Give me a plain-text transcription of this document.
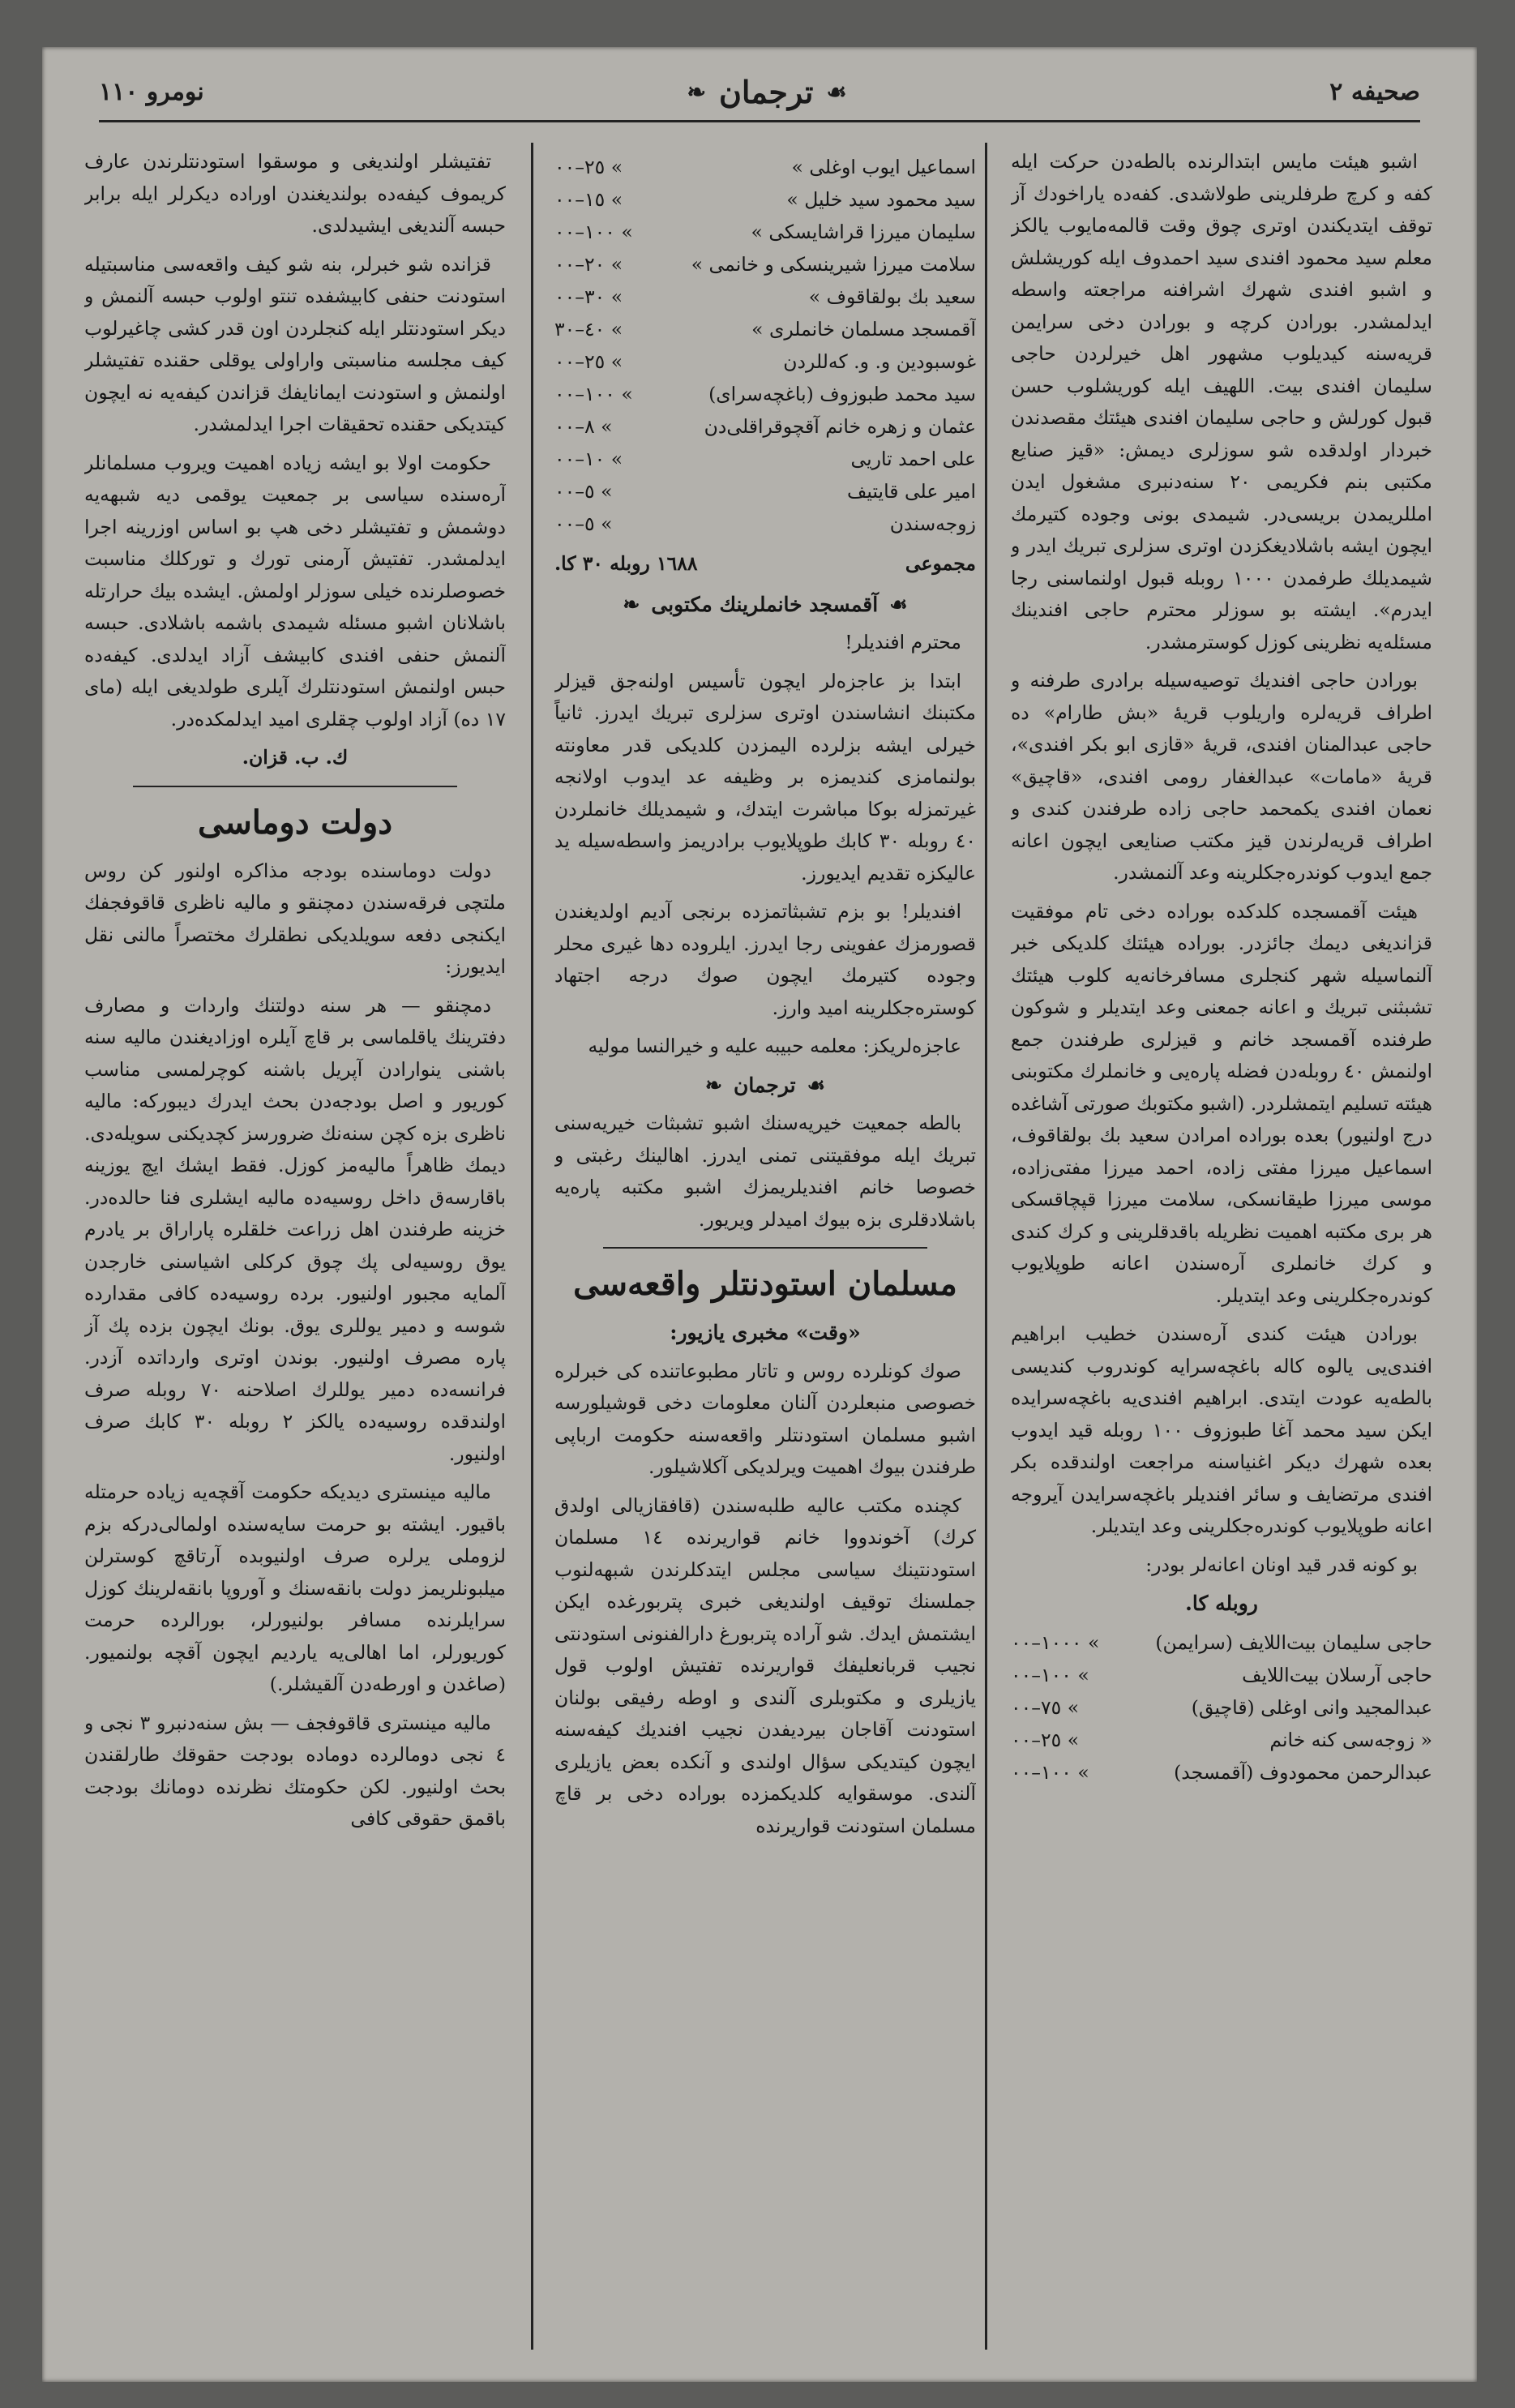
صحيفه ٢
☙
ترجمان
❧
نومرو ١١٠

اشبو هيئت مايس ابتدالرنده بالطه‌دن حركت ايله كفه و كرچ طرفلرينى طولاشدى. كفه‌ده ياراخودك آز توقف ايتديكندن اوترى چوق وقت قالمه‌مايوب يالكز معلم سيد محمود افندى سيد احمدوف ايله كوريشلش و اشبو افندى شهرك اشرافنه مراجعته واسطه ايدلمشدر. بورادن كرچه و بورادن دخى سرايمن قريه‌سنه كيديلوب مشهور اهل خيرلردن حاجى سليمان افندى بيت. اللهيف ايله كوريشلوب حسن قبول كورلش و حاجى سليمان افندى هيئتك مقصدندن خبردار اولدقده شو سوزلرى ديمش: «قيز صنايع مكتبى بنم فكريمى ٢٠ سنه‌دنبرى مشغول ايدن امللريمدن بريسى‌در. شيمدى بونى وجوده كتيرمك ايچون ايشه باشلاديغكزدن اوترى سزلرى تبريك ايدر و شيمديلك طرفمدن ١٠٠٠ روبله قبول اولنماسنى رجا ايدرم». ايشته بو سوزلر محترم حاجى افندينك مسئله‌يه نظرينى كوزل كوسترمشدر.

بورادن حاجى افنديك توصيه‌سيله برادرى طرفنه و اطراف قريه‌لره واريلوب قريهٔ «بش طارام» ده حاجى عبدالمنان افندى، قريهٔ «قازى ابو بكر افندى»، قريهٔ «مامات» عبدالغفار رومى افندى، «قاچيق» نعمان افندى يكمحمد حاجى زاده طرفندن كندى و اطراف قريه‌لرندن قيز مكتب صنايعى ايچون اعانه جمع ايدوب كوندره‌جكلرينه وعد آلنمشدر.

هيئت آقمسجده كلدكده بوراده دخى تام موفقيت قزانديغى ديمك جائزدر. بوراده هيئتك كلديكى خبر آلنماسيله شهر كنجلرى مسافرخانه‌يه كلوب هيئتك تشبثنى تبريك و اعانه جمعنى وعد ايتديلر و شوكون طرفنده آقمسجد خانم و قيزلرى طرفندن جمع اولنمش ٤٠ روبله‌دن فضله پاره‌يى و خانملرك مكتوبنى هيئته تسليم ايتمشلردر. (اشبو مكتوبك صورتى آشاغده درج اولنيور) بعده بوراده امرادن سعيد بك بولقاقوف، اسماعيل ميرزا مفتى زاده، احمد ميرزا مفتى‌زاده، موسى ميرزا طيقانسكى، سلامت ميرزا قپچاقسكى هر برى مكتبه اهميت نظريله باقدقلرينى و كرك كندى و كرك خانملرى آره‌سندن اعانه طوپلايوب كوندره‌جكلرينى وعد ايتديلر.

بورادن هيئت كندى آره‌سندن خطيب ابراهيم افندى‌يى يالوه كاله باغچه‌سرايه كوندروب كنديسى بالطه‌يه عودت ايتدى. ابراهيم افندى‌يه باغچه‌سرايده ايكن سيد محمد آغا طبوزوف ١٠٠ روبله قيد ايدوب بعده شهرك ديكر اغنياسنه مراجعت اولندقده بكر افندى مرتضايف و سائر افنديلر باغچه‌سرايدن آيروجه اعانه طوپلايوب كوندره‌جكلرينى وعد ايتديلر.

بو كونه قدر قيد اونان اعانه‌لر بودر:

روبله كا.
حاجى سليمان بيت‌اللايف (سرايمن)
١٠٠٠–٠٠ «
حاجى آرسلان بيت‌اللايف
١٠٠–٠٠ «
عبدالمجيد وانى اوغلى (قاچيق)
٧٥–٠٠ «
« زوجه‌سى كنه خانم
٢٥–٠٠ «
عبدالرحمن محمودوف (آقمسجد)
١٠٠–٠٠ «
اسماعيل ايوب اوغلى »
٢٥–٠٠ «
سيد محمود سيد خليل »
١٥–٠٠ «
سليمان ميرزا قراشايسكى »
١٠٠–٠٠ «
سلامت ميرزا شيرينسكى و خانمى »
٢٠–٠٠ «
سعيد بك بولقاقوف »
٣٠–٠٠ «
آقمسجد مسلمان خانملرى »
٤٠–٣٠ «
غوسبودين و. و. كه‌للردن
٢٥–٠٠ «
سيد محمد طبوزوف (باغچه‌سراى)
١٠٠–٠٠ «
عثمان و زهره خانم آقچوقراقلى‌دن
٨–٠٠ «
على احمد تاريى
١٠–٠٠ «
امير على قايتيف
٥–٠٠ «
زوجه‌سندن
٥–٠٠ «
مجموعى
١٦٨٨ روبله ٣٠ كا.
☙
آقمسجد خانملرينك مكتوبى
❧

محترم افنديلر!

ابتدا بز عاجزه‌لر ايچون تأسيس اولنه‌جق قيزلر مكتبنك انشاسندن اوترى سزلرى تبريك ايدرز. ثانياً خيرلى ايشه بزلرده اليمزدن كلديكى قدر معاونته بولنمامزى كنديمزه بر وظيفه عد ايدوب اولانجه غيرتمزله بوكا مباشرت ايتدك، و شيمديلك خانملردن ٤٠ روبله ٣٠ كابك طوپلايوب برادريمز واسطه‌سيله يد عاليكزه تقديم ايديورز.

افنديلر! بو بزم تشبثاتمزده برنجى آديم اولديغندن قصورمزك عفوينى رجا ايدرز. ايلروده دها غيرى محلر وجوده كتيرمك ايچون صوك درجه اجتهاد كوستره‌جكلرينه اميد وارز.

عاجزه‌لريكز: معلمه حبيبه عليه و خيرالنسا موليه

☙
ترجمان
❧

بالطه جمعيت خيريه‌سنك اشبو تشبثات خيريه‌سنى تبريك ايله موفقيتنى تمنى ايدرز. اهالينك رغبتى و خصوصا خانم افنديلريمزك اشبو مكتبه پاره‌يه باشلادقلرى بزه بيوك اميدلر ويريور.

مسلمان استودنتلر واقعه‌سى
«وقت» مخبرى يازيور:

صوك كونلرده روس و تاتار مطبوعاتنده كى خبرلره خصوصى منبعلردن آلنان معلومات دخى قوشيلورسه اشبو مسلمان استودنتلر واقعه‌سنه حكومت ارباپى طرفندن بيوك اهميت ويرلديكى آكلاشيلور.

كچنده مكتب عاليه طلبه‌سندن (قافقازيالى اولدق كرك) آخوندووا خانم قواريرنده ١٤ مسلمان استودنتينك سياسى مجلس ايتدكلرندن شبهه‌لنوب جملسنك توقيف اولنديغى خبرى پتربورغده ايكن ايشتمش ايدك. شو آراده پتربورغ دارالفنونى استودنتى نجيب قربانعليفك قواريرنده تفتيش اولوب قول يازيلرى و مكتوبلرى آلندى و اوطه رفيقى بولنان استودنت آقاجان بيرديفدن نجيب افنديك كيفه‌سنه ايچون كيتديكى سؤال اولندى و آنكده بعض يازيلرى آلندى. موسقوايه كلديكمزده بوراده دخى بر قاچ مسلمان استودنت قواريرنده

تفتيشلر اولنديغى و موسقوا استودنتلرندن عارف كريموف كيفه‌ده بولنديغندن اوراده ديكرلر ايله برابر حبسه آلنديغى ايشيدلدى.

قزانده شو خبرلر، بنه شو كيف واقعه‌سى مناسبتيله استودنت حنفى كابيشفده تنتو اولوب حبسه آلنمش و ديكر استودنتلر ايله كنجلردن اون قدر كشى چاغيرلوب كيف مجلسه مناسبتى واراولى يوقلى حقنده تفتيشلر اولنمش و استودنت ايمانايفك قزاندن كيفه‌يه نه ايچون كيتديكى حقنده تحقيقات اجرا ايدلمشدر.

حكومت اولا بو ايشه زياده اهميت ويروب مسلمانلر آره‌سنده سياسى بر جمعيت يوقمى ديه شبهه‌يه دوشمش و تفتيشلر دخى هپ بو اساس اوزرينه اجرا ايدلمشدر. تفتيش آرمنى تورك و توركلك مناسبت خصوصلرنده خيلى سوزلر اولمش. ايشده بيك حرارتله باشلانان اشبو مسئله شيمدى باشمه باشلادى. حبسه آلنمش حنفى افندى كابيشف آزاد ايدلدى. كيفه‌ده حبس اولنمش استودنتلرك آيلرى طولديغى ايله (ماى ١٧ ده) آزاد اولوب چقلرى اميد ايدلمكده‌در.

ك. ب. قزان.
دولت دوماسى

دولت دوماسنده بودجه مذاكره اولنور كن روس ملتچى فرقه‌سندن دمچنقو و ماليه ناظرى قاقوفجفك ايكنجى دفعه سويلديكى نطقلرك مختصراً مالنى نقل ايديورز:

دمچنقو — هر سنه دولتنك واردات و مصارف دفترينك ياقلماسى بر قاچ آيلره اوزاديغندن ماليه سنه باشنى ينوارادن آپريل باشنه كوچرلمسى مناسب كوريور و اصل بودجه‌دن بحث ايدرك ديبوركه: ماليه ناظرى بزه كچن سنه‌نك ضرورسز كچديكنى سويله‌دى. ديمك ظاهراً ماليه‌مز كوزل. فقط ايشك ايچ يوزينه باقارسه‌ق داخل روسيه‌ده ماليه ايشلرى فنا حالده‌در. خزينه طرفندن اهل زراعت خلقلره پاراراق بر يادرم يوق روسيه‌لى پك چوق كركلى اشياسنى خارجدن آلمايه مجبور اولنيور. برده روسيه‌ده كافى مقدارده شوسه و دمير يوللرى يوق. بونك ايچون بزده پك آز پاره مصرف اولنيور. بوندن اوترى وارداتده آزدر. فرانسه‌ده دمير يوللرك اصلاحنه ٧٠ روبله صرف اولندقده روسيه‌ده يالكز ٢ روبله ٣٠ كابك صرف اولنيور.

ماليه مينسترى ديديكه حكومت آقچه‌يه زياده حرمتله باقيور. ايشته بو حرمت سايه‌سنده اولمالى‌دركه بزم لزوملى يرلره صرف اولنيوبده آرتاقچ كوسترلن ميلبونلريمز دولت بانقه‌سنك و آوروپا بانقه‌لرينك كوزل سرايلرنده مسافر بولنيورلر، بورالرده حرمت كوريورلر، اما اهالى‌يه يارديم ايچون آقچه بولنميور. (صاغدن و اورطه‌دن آلقيشلر.)

ماليه مينسترى قاقوفجف — بش سنه‌دنبرو ٣ نجى و ٤ نجى دومالرده دوماده بودجت حقوقك طارلقندن بحث اولنيور. لكن حكومتك نظرنده دومانك بودجت باقمق حقوقى كافى
